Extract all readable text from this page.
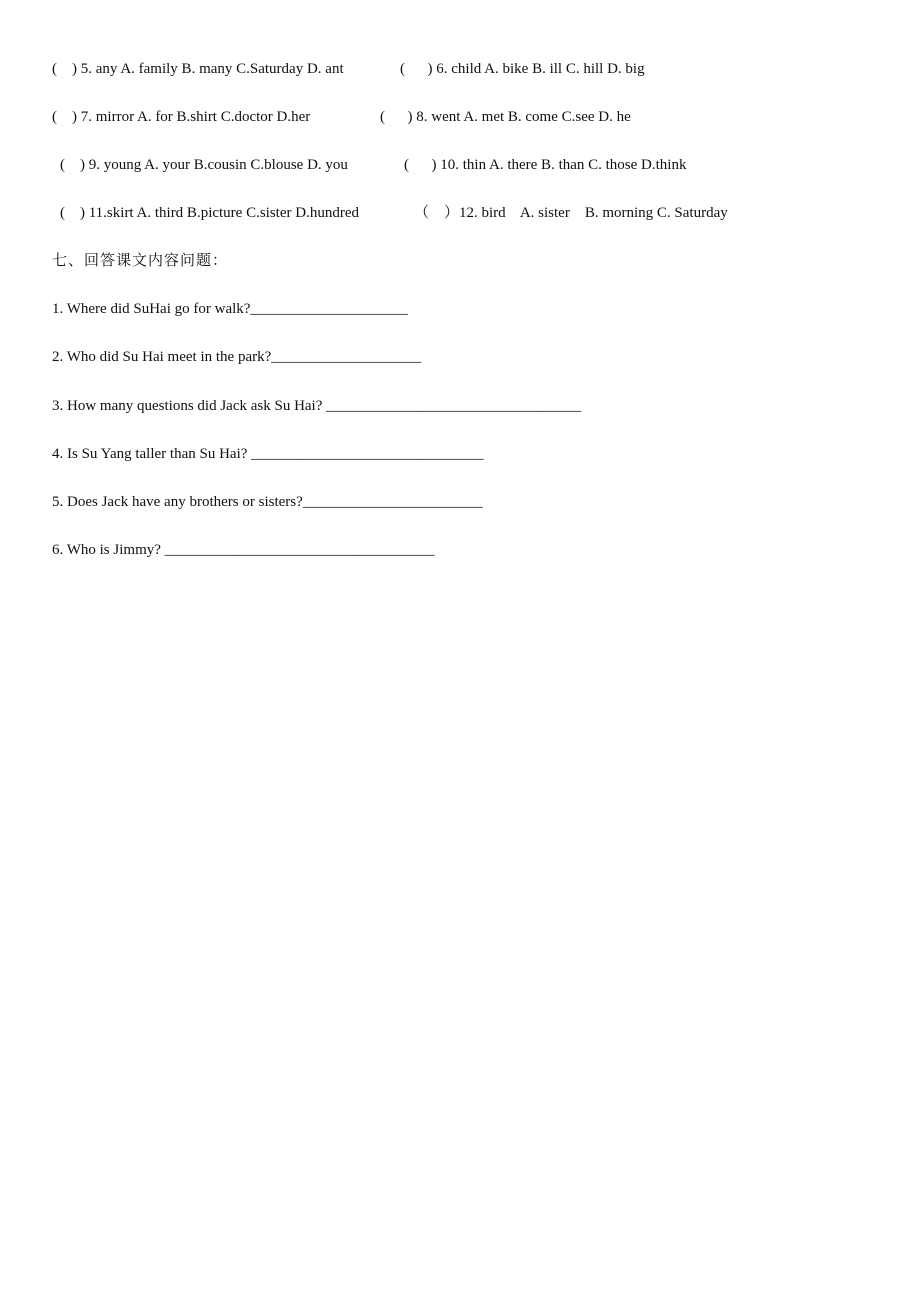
(    ) 5. any A. family B. many C.Saturday D. ant	(      ) 6. child A. bike B. ill C. hill D. big
(    ) 7. mirror A. for B.shirt C.doctor D.her	(      ) 8. went A. met B. come C.see D. he
(    ) 9. young A. your B.cousin C.blouse D. you	(      ) 10. thin A. there B. than C. those D.think
(    ) 11.skirt A. third B.picture C.sister D.hundred	（    ）12. bird    A. sister    B. morning C. Saturday
七、回答课文内容问题：
1. Where did SuHai go for walk?_____________________
2. Who did Su Hai meet in the park?____________________
3. How many questions did Jack ask Su Hai? __________________________________
4. Is Su Yang taller than Su Hai? _______________________________
5. Does Jack have any brothers or sisters?________________________
6. Who is Jimmy? ____________________________________
